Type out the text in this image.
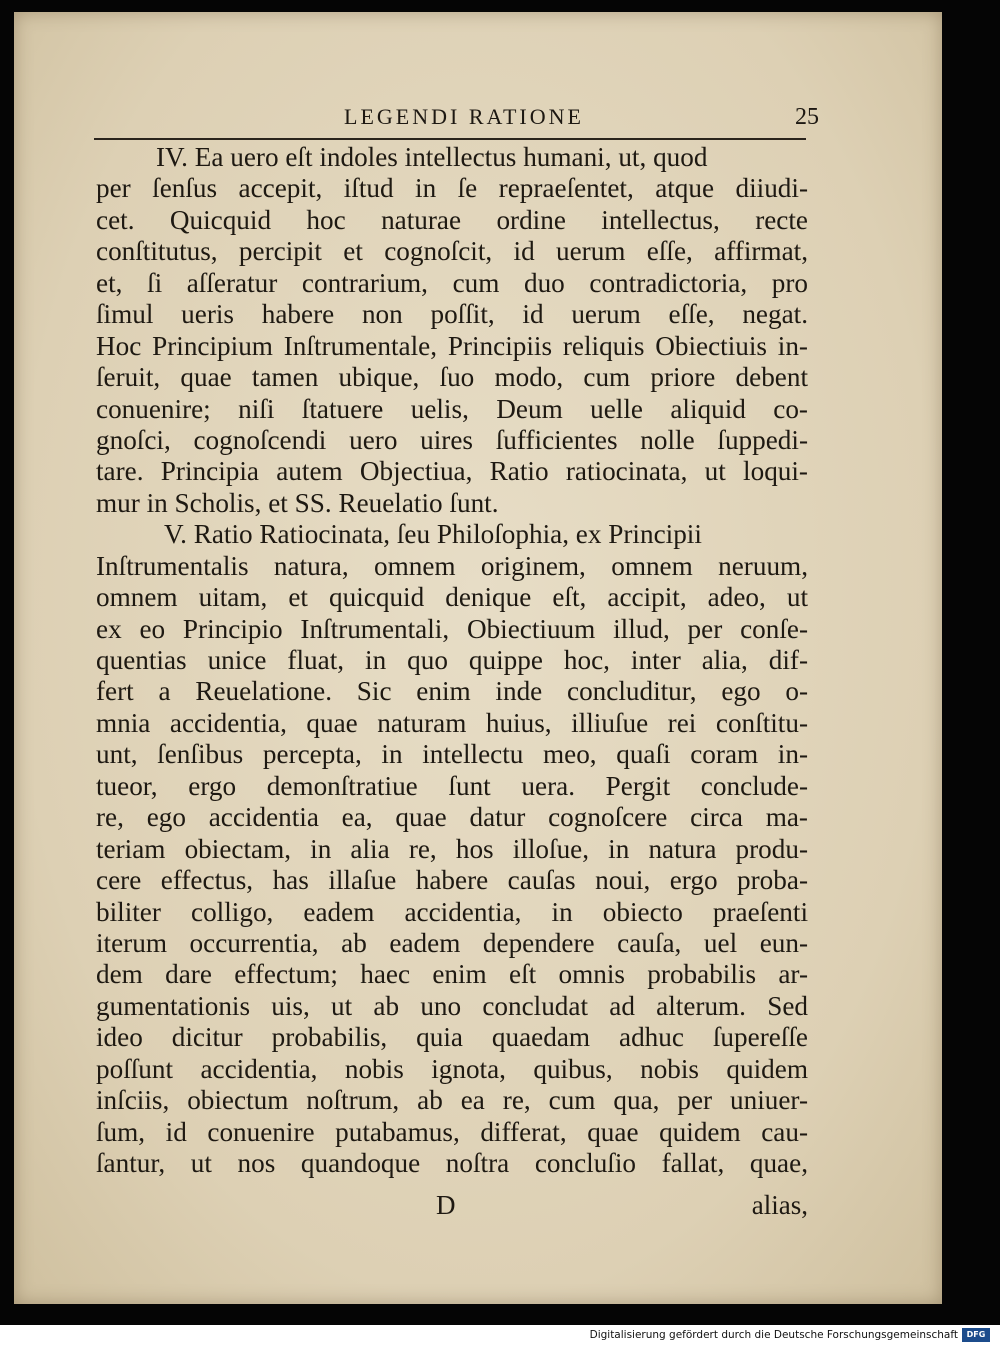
LEGENDI RATIONE	25
IV. Ea uero eſt indoles intellectus humani, ut, quod
per ſenſus accepit, iſtud in ſe repraeſentet, atque diiudi-
cet. Quicquid hoc naturae ordine intellectus, recte
conſtitutus, percipit et cognoſcit, id uerum eſſe, affirmat,
et, ſi aſſeratur contrarium, cum duo contradictoria, pro
ſimul ueris habere non poſſit, id uerum eſſe, negat.
Hoc Principium Inſtrumentale, Principiis reliquis Obiectiuis in-
ſeruit, quae tamen ubique, ſuo modo, cum priore debent
conuenire; niſi ſtatuere uelis, Deum uelle aliquid co-
gnoſci, cognoſcendi uero uires ſufficientes nolle ſuppedi-
tare. Principia autem Objectiua, Ratio ratiocinata, ut loqui-
mur in Scholis, et SS. Reuelatio ſunt.
V. Ratio Ratiocinata, ſeu Philoſophia, ex Principii
Inſtrumentalis natura, omnem originem, omnem neruum,
omnem uitam, et quicquid denique eſt, accipit, adeo, ut
ex eo Principio Inſtrumentali, Obiectiuum illud, per conſe-
quentias unice fluat, in quo quippe hoc, inter alia, dif-
fert a Reuelatione. Sic enim inde concluditur, ego o-
mnia accidentia, quae naturam huius, illiuſue rei conſtitu-
unt, ſenſibus percepta, in intellectu meo, quaſi coram in-
tueor, ergo demonſtratiue ſunt uera. Pergit conclude-
re, ego accidentia ea, quae datur cognoſcere circa ma-
teriam obiectam, in alia re, hos illoſue, in natura produ-
cere effectus, has illaſue habere cauſas noui, ergo proba-
biliter colligo, eadem accidentia, in obiecto praeſenti
iterum occurrentia, ab eadem dependere cauſa, uel eun-
dem dare effectum; haec enim eſt omnis probabilis ar-
gumentationis uis, ut ab uno concludat ad alterum. Sed
ideo dicitur probabilis, quia quaedam adhuc ſupereſſe
poſſunt accidentia, nobis ignota, quibus, nobis quidem
inſciis, obiectum noſtrum, ab ea re, cum qua, per uniuer-
ſum, id conuenire putabamus, differat, quae quidem cau-
ſantur, ut nos quandoque noſtra concluſio fallat, quae,
D	alias,
Digitalisierung gefördert durch die Deutsche Forschungsgemeinschaft	DFG
